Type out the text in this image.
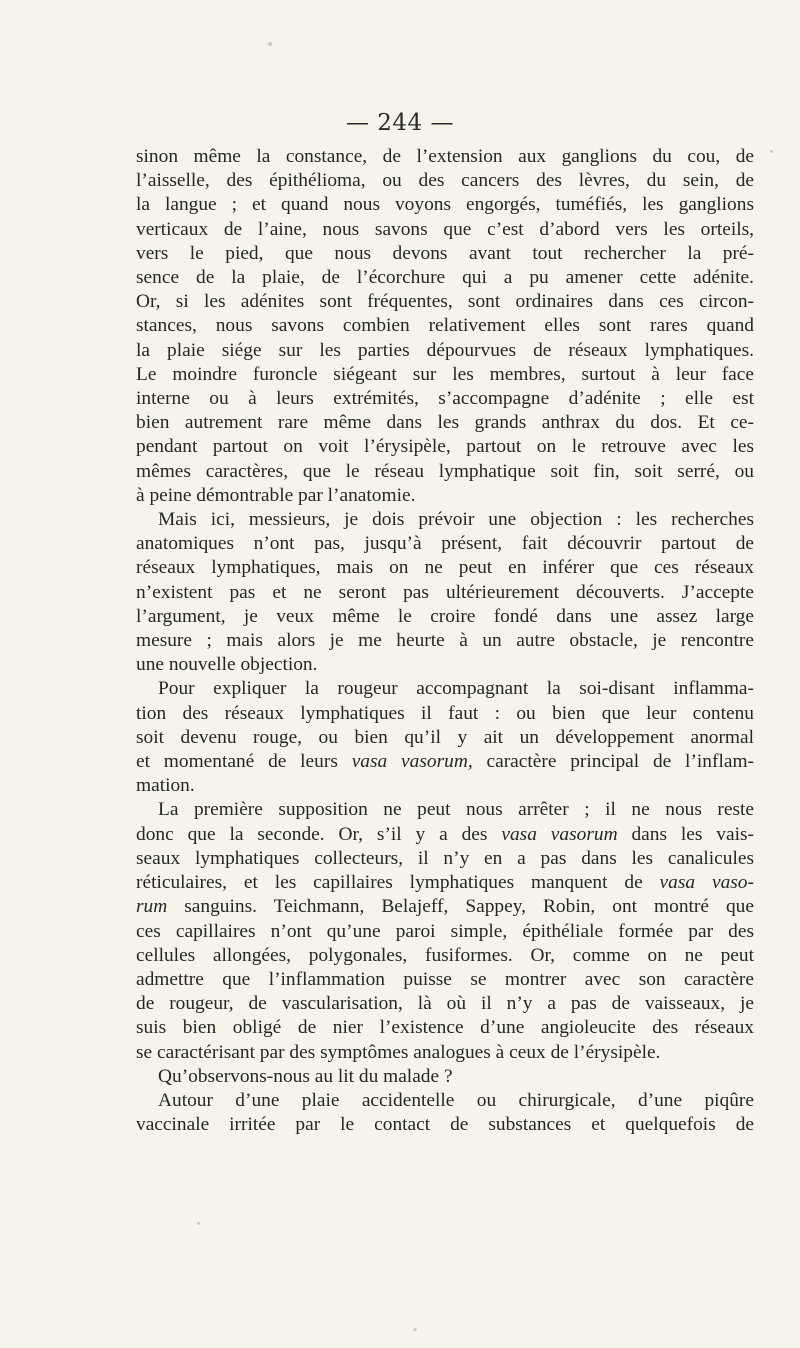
— 244 —

sinon même la constance, de l’extension aux ganglions du cou, de

l’aisselle, des épithélioma, ou des cancers des lèvres, du sein, de

la langue ; et quand nous voyons engorgés, tuméfiés, les ganglions

verticaux de l’aine, nous savons que c’est d’abord vers les orteils,

vers le pied, que nous devons avant tout rechercher la pré-

sence de la plaie, de l’écorchure qui a pu amener cette adénite.

Or, si les adénites sont fréquentes, sont ordinaires dans ces circon-

stances, nous savons combien relativement elles sont rares quand

la plaie siége sur les parties dépourvues de réseaux lymphatiques.

Le moindre furoncle siégeant sur les membres, surtout à leur face

interne ou à leurs extrémités, s’accompagne d’adénite ; elle est

bien autrement rare même dans les grands anthrax du dos. Et ce-

pendant partout on voit l’érysipèle, partout on le retrouve avec les

mêmes caractères, que le réseau lymphatique soit fin, soit serré, ou

à peine démontrable par l’anatomie.

Mais ici, messieurs, je dois prévoir une objection : les recherches

anatomiques n’ont pas, jusqu’à présent, fait découvrir partout de

réseaux lymphatiques, mais on ne peut en inférer que ces réseaux

n’existent pas et ne seront pas ultérieurement découverts. J’accepte

l’argument, je veux même le croire fondé dans une assez large

mesure ; mais alors je me heurte à un autre obstacle, je rencontre

une nouvelle objection.

Pour expliquer la rougeur accompagnant la soi-disant inflamma-

tion des réseaux lymphatiques il faut : ou bien que leur contenu

soit devenu rouge, ou bien qu’il y ait un développement anormal

et momentané de leurs vasa vasorum, caractère principal de l’inflam-

mation.

La première supposition ne peut nous arrêter ; il ne nous reste

donc que la seconde. Or, s’il y a des vasa vasorum dans les vais-

seaux lymphatiques collecteurs, il n’y en a pas dans les canalicules

réticulaires, et les capillaires lymphatiques manquent de vasa vaso-

rum sanguins. Teichmann, Belajeff, Sappey, Robin, ont montré que

ces capillaires n’ont qu’une paroi simple, épithéliale formée par des

cellules allongées, polygonales, fusiformes. Or, comme on ne peut

admettre que l’inflammation puisse se montrer avec son caractère

de rougeur, de vascularisation, là où il n’y a pas de vaisseaux, je

suis bien obligé de nier l’existence d’une angioleucite des réseaux

se caractérisant par des symptômes analogues à ceux de l’érysipèle.

Qu’observons-nous au lit du malade ?

Autour d’une plaie accidentelle ou chirurgicale, d’une piqûre

vaccinale irritée par le contact de substances et quelquefois de
